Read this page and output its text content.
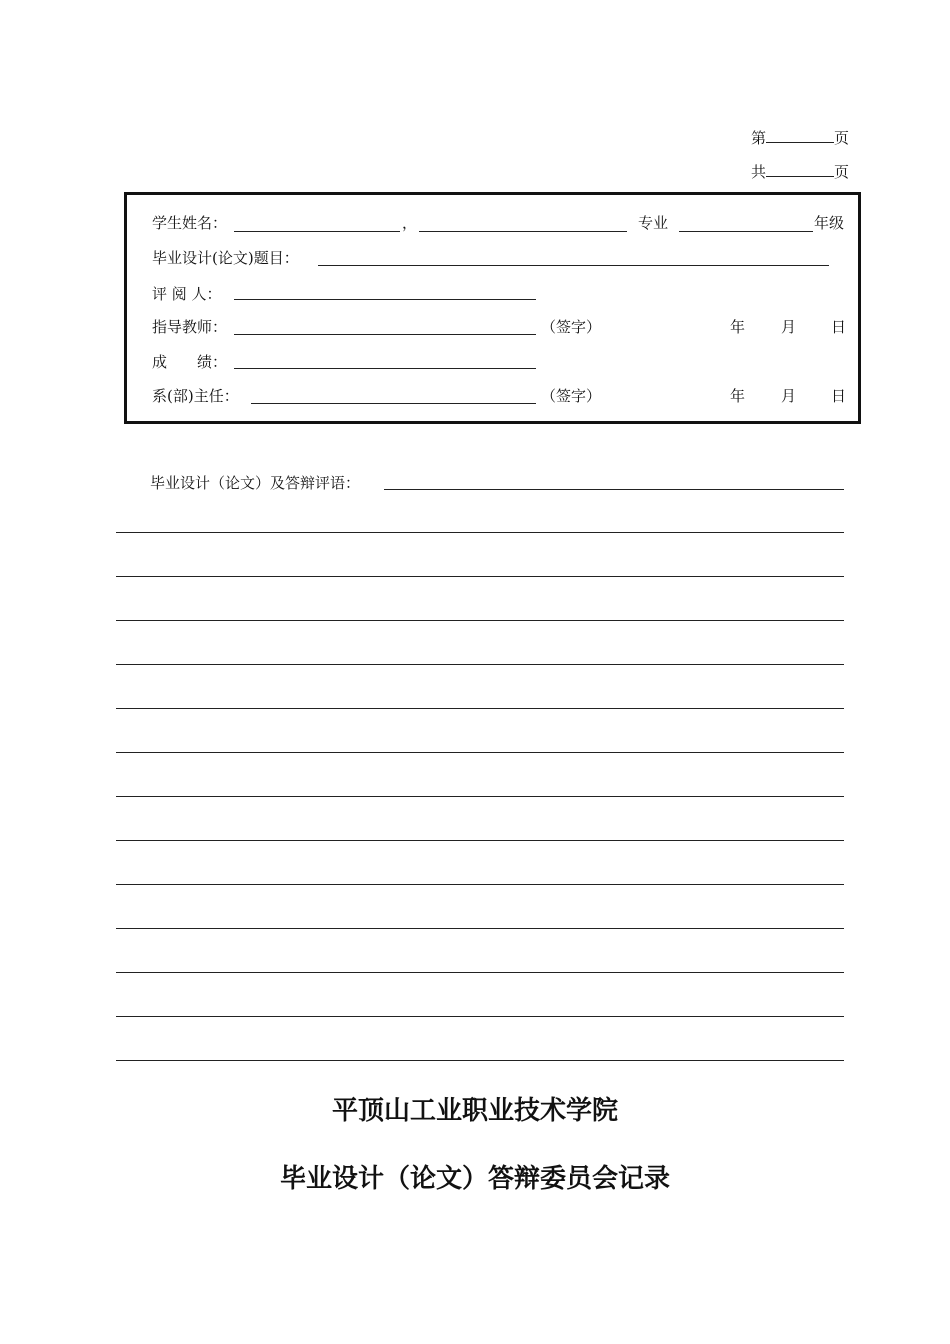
第	页
共	页
学生姓名：	，	专业	年级
毕业设计(论文)题目：
评 阅 人：
指导教师：	（签字）	年 月 日
成　　绩：
系(部)主任：	（签字）	年 月 日
毕业设计（论文）及答辩评语：
平顶山工业职业技术学院
毕业设计（论文）答辩委员会记录
